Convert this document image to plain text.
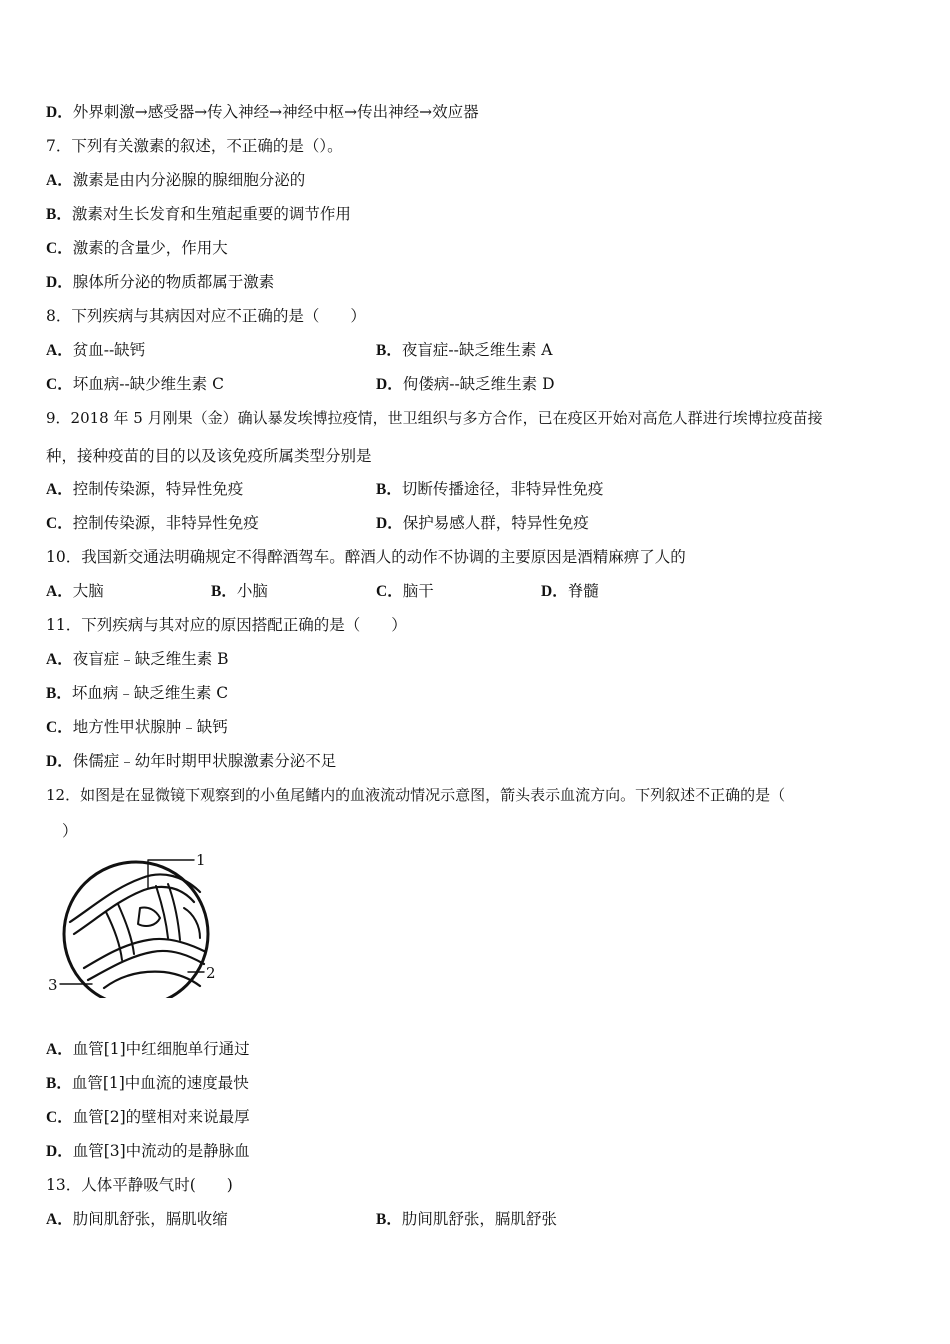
D．外界刺激→感受器→传入神经→神经中枢→传出神经→效应器
7．下列有关激素的叙述，不正确的是（）。
A．激素是由内分泌腺的腺细胞分泌的
B．激素对生长发育和生殖起重要的调节作用
C．激素的含量少，作用大
D．腺体所分泌的物质都属于激素
8．下列疾病与其病因对应不正确的是（　　）
A．贫血--缺钙	B．夜盲症--缺乏维生素 A
C．坏血病--缺少维生素 C	D．佝偻病--缺乏维生素 D
9．2018 年 5 月刚果（金）确认暴发埃博拉疫情，世卫组织与多方合作，已在疫区开始对高危人群进行埃博拉疫苗接
种，接种疫苗的目的以及该免疫所属类型分别是
A．控制传染源，特异性免疫	B．切断传播途径，非特异性免疫
C．控制传染源，非特异性免疫	D．保护易感人群，特异性免疫
10．我国新交通法明确规定不得醉酒驾车。醉酒人的动作不协调的主要原因是酒精麻痹了人的
A．大脑	B．小脑	C．脑干	D．脊髓
11．下列疾病与其对应的原因搭配正确的是（　　）
A．夜盲症﹣缺乏维生素 B
B．坏血病﹣缺乏维生素 C
C．地方性甲状腺肿﹣缺钙
D．侏儒症﹣幼年时期甲状腺激素分泌不足
12．如图是在显微镜下观察到的小鱼尾鳍内的血液流动情况示意图，箭头表示血流方向。下列叙述不正确的是（
）
1
2
3
A．血管[1]中红细胞单行通过
B．血管[1]中血流的速度最快
C．血管[2]的壁相对来说最厚
D．血管[3]中流动的是静脉血
13．人体平静吸气时(　　)
A．肋间肌舒张，膈肌收缩	B．肋间肌舒张，膈肌舒张
